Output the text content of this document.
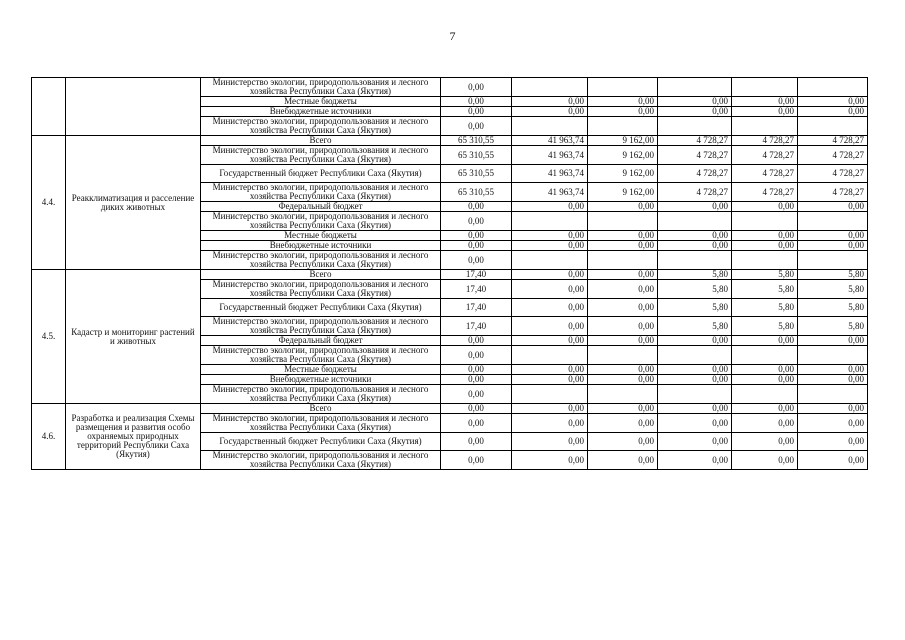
7
		Министерство экологии, природопользования и лесного хозяйства Республики Саха (Якутия)	0,00					
		Местные бюджеты	0,00	0,00	0,00	0,00	0,00	0,00
		Внебюджетные источники	0,00	0,00	0,00	0,00	0,00	0,00
		Министерство экологии, природопользования и лесного хозяйства Республики Саха (Якутия)	0,00					
4.4.	Реакклиматизация и расселение диких животных	Всего	65 310,55	41 963,74	9 162,00	4 728,27	4 728,27	4 728,27
		Министерство экологии, природопользования и лесного хозяйства Республики Саха (Якутия)	65 310,55	41 963,74	9 162,00	4 728,27	4 728,27	4 728,27
		Государственный бюджет Республики Саха (Якутия)	65 310,55	41 963,74	9 162,00	4 728,27	4 728,27	4 728,27
		Министерство экологии, природопользования и лесного хозяйства Республики Саха (Якутия)	65 310,55	41 963,74	9 162,00	4 728,27	4 728,27	4 728,27
		Федеральный бюджет	0,00	0,00	0,00	0,00	0,00	0,00
		Министерство экологии, природопользования и лесного хозяйства Республики Саха (Якутия)	0,00					
		Местные бюджеты	0,00	0,00	0,00	0,00	0,00	0,00
		Внебюджетные источники	0,00	0,00	0,00	0,00	0,00	0,00
		Министерство экологии, природопользования и лесного хозяйства Республики Саха (Якутия)	0,00					
4.5.	Кадастр и мониторинг растений и животных	Всего	17,40	0,00	0,00	5,80	5,80	5,80
		Министерство экологии, природопользования и лесного хозяйства Республики Саха (Якутия)	17,40	0,00	0,00	5,80	5,80	5,80
		Государственный бюджет Республики Саха (Якутия)	17,40	0,00	0,00	5,80	5,80	5,80
		Министерство экологии, природопользования и лесного хозяйства Республики Саха (Якутия)	17,40	0,00	0,00	5,80	5,80	5,80
		Федеральный бюджет	0,00	0,00	0,00	0,00	0,00	0,00
		Министерство экологии, природопользования и лесного хозяйства Республики Саха (Якутия)	0,00					
		Местные бюджеты	0,00	0,00	0,00	0,00	0,00	0,00
		Внебюджетные источники	0,00	0,00	0,00	0,00	0,00	0,00
		Министерство экологии, природопользования и лесного хозяйства Республики Саха (Якутия)	0,00					
4.6.	Разработка и реализация Схемы размещения и развития особо охраняемых природных территорий Республики Саха (Якутия)	Всего	0,00	0,00	0,00	0,00	0,00	0,00
		Министерство экологии, природопользования и лесного хозяйства Республики Саха (Якутия)	0,00	0,00	0,00	0,00	0,00	0,00
		Государственный бюджет Республики Саха (Якутия)	0,00	0,00	0,00	0,00	0,00	0,00
		Министерство экологии, природопользования и лесного хозяйства Республики Саха (Якутия)	0,00	0,00	0,00	0,00	0,00	0,00
